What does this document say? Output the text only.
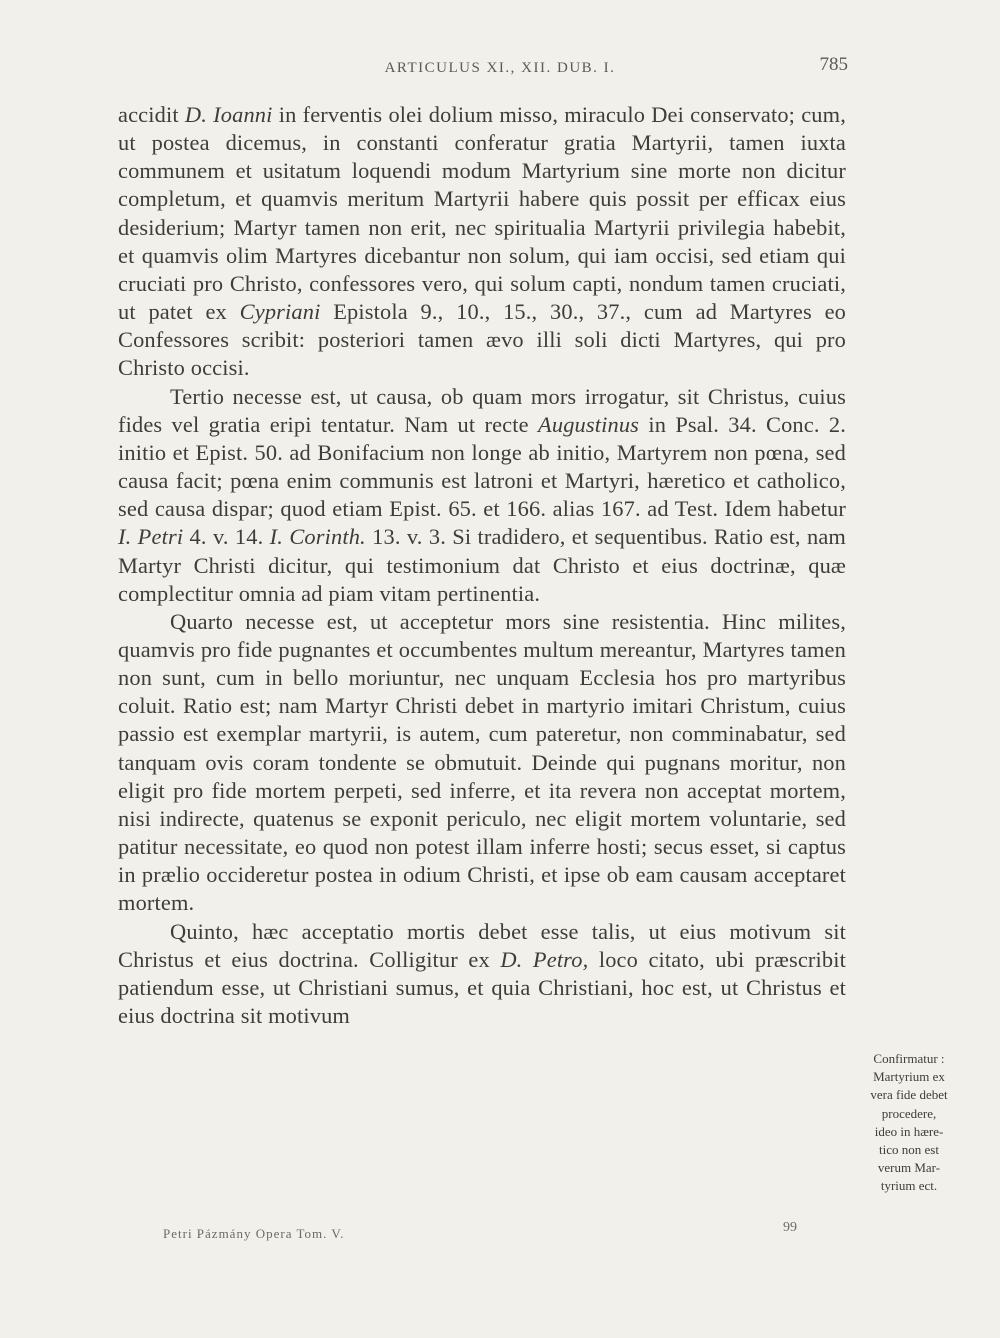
ARTICULUS XI., XII. DUB. I.	785

accidit D. Ioanni in ferventis olei dolium misso, miraculo Dei conservato; cum, ut postea dicemus, in constanti conferatur gratia Martyrii, tamen iuxta communem et usitatum loquendi modum Martyrium sine morte non dicitur completum, et quamvis meritum Martyrii habere quis possit per efficax eius desiderium; Martyr tamen non erit, nec spiritualia Martyrii privilegia habebit, et quamvis olim Martyres dicebantur non solum, qui iam occisi, sed etiam qui cruciati pro Christo, confessores vero, qui solum capti, nondum tamen cruciati, ut patet ex Cypriani Epistola 9., 10., 15., 30., 37., cum ad Martyres eo Confessores scribit: posteriori tamen ævo illi soli dicti Martyres, qui pro Christo occisi.

Tertio necesse est, ut causa, ob quam mors irrogatur, sit Christus, cuius fides vel gratia eripi tentatur. Nam ut recte Augustinus in Psal. 34. Conc. 2. initio et Epist. 50. ad Bonifacium non longe ab initio, Martyrem non pœna, sed causa facit; pœna enim communis est latroni et Martyri, hæretico et catholico, sed causa dispar; quod etiam Epist. 65. et 166. alias 167. ad Test. Idem habetur I. Petri 4. v. 14. I. Corinth. 13. v. 3. Si tradidero, et sequentibus. Ratio est, nam Martyr Christi dicitur, qui testimonium dat Christo et eius doctrinæ, quæ complectitur omnia ad piam vitam pertinentia.

Quarto necesse est, ut acceptetur mors sine resistentia. Hinc milites, quamvis pro fide pugnantes et occumbentes multum mereantur, Martyres tamen non sunt, cum in bello moriuntur, nec unquam Ecclesia hos pro martyribus coluit. Ratio est; nam Martyr Christi debet in martyrio imitari Christum, cuius passio est exemplar martyrii, is autem, cum pateretur, non comminabatur, sed tanquam ovis coram tondente se obmutuit. Deinde qui pugnans moritur, non eligit pro fide mortem perpeti, sed inferre, et ita revera non acceptat mortem, nisi indirecte, quatenus se exponit periculo, nec eligit mortem voluntarie, sed patitur necessitate, eo quod non potest illam inferre hosti; secus esset, si captus in prælio occideretur postea in odium Christi, et ipse ob eam causam acceptaret mortem.

Quinto, hæc acceptatio mortis debet esse talis, ut eius motivum sit Christus et eius doctrina. Colligitur ex D. Petro, loco citato, ubi præscribit patiendum esse, ut Christiani sumus, et quia Christiani, hoc est, ut Christus et eius doctrina sit motivum

Confirmatur :
Martyrium ex
vera fide debet
procedere,
ideo in hære-
tico non est
verum Mar-
tyrium ect.
Petri Pázmány Opera Tom. V.	99
